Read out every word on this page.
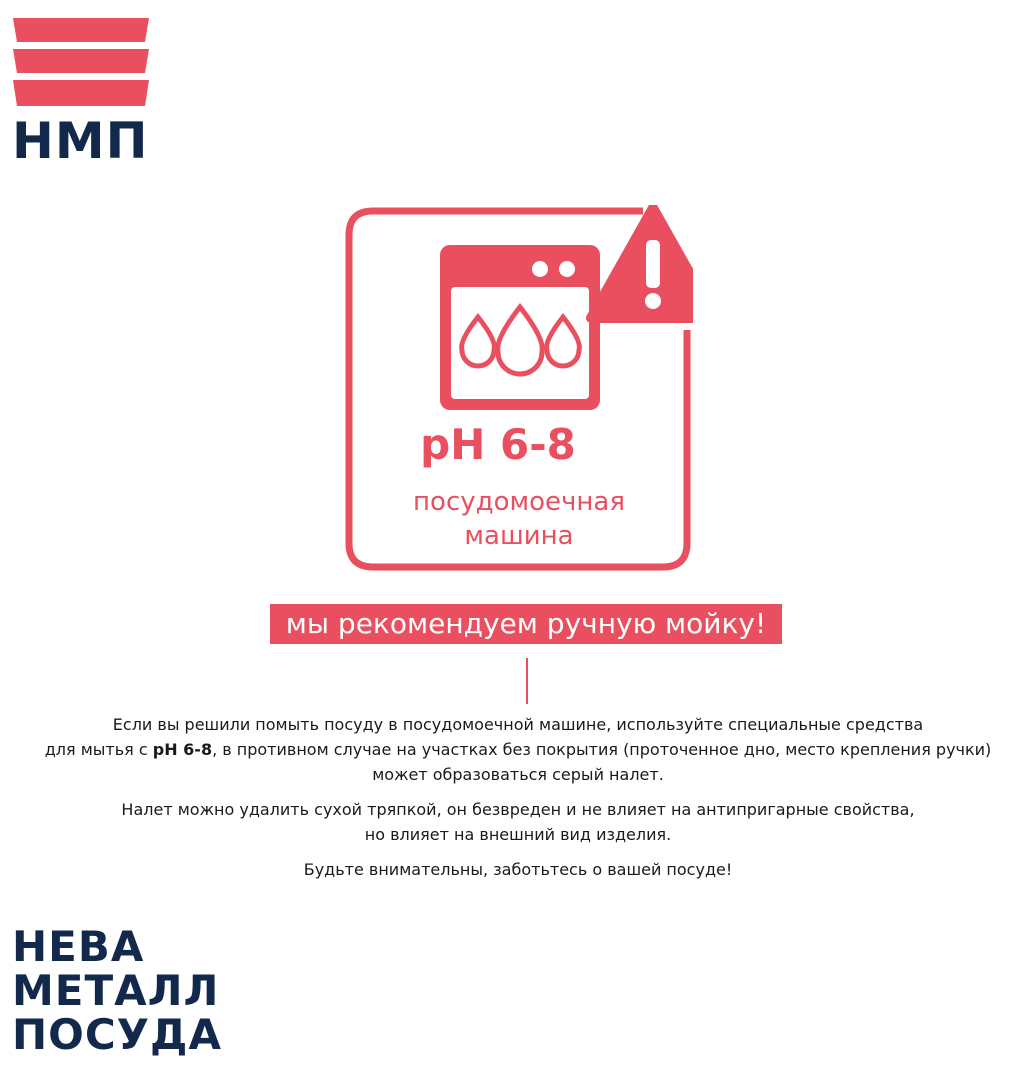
НМП
pH 6-8
посудомоечная
машина
мы рекомендуем ручную мойку!

Если вы решили помыть посуду в посудомоечной машине, используйте специальные средства
для мытья с pH 6-8, в противном случае на участках без покрытия (проточенное дно, место крепления ручки)
может образоваться серый налет.

Налет можно удалить сухой тряпкой, он безвреден и не влияет на антипригарные свойства,
но влияет на внешний вид изделия.

Будьте внимательны, заботьтесь о вашей посуде!

НЕВА
МЕТАЛЛ
ПОСУДА
